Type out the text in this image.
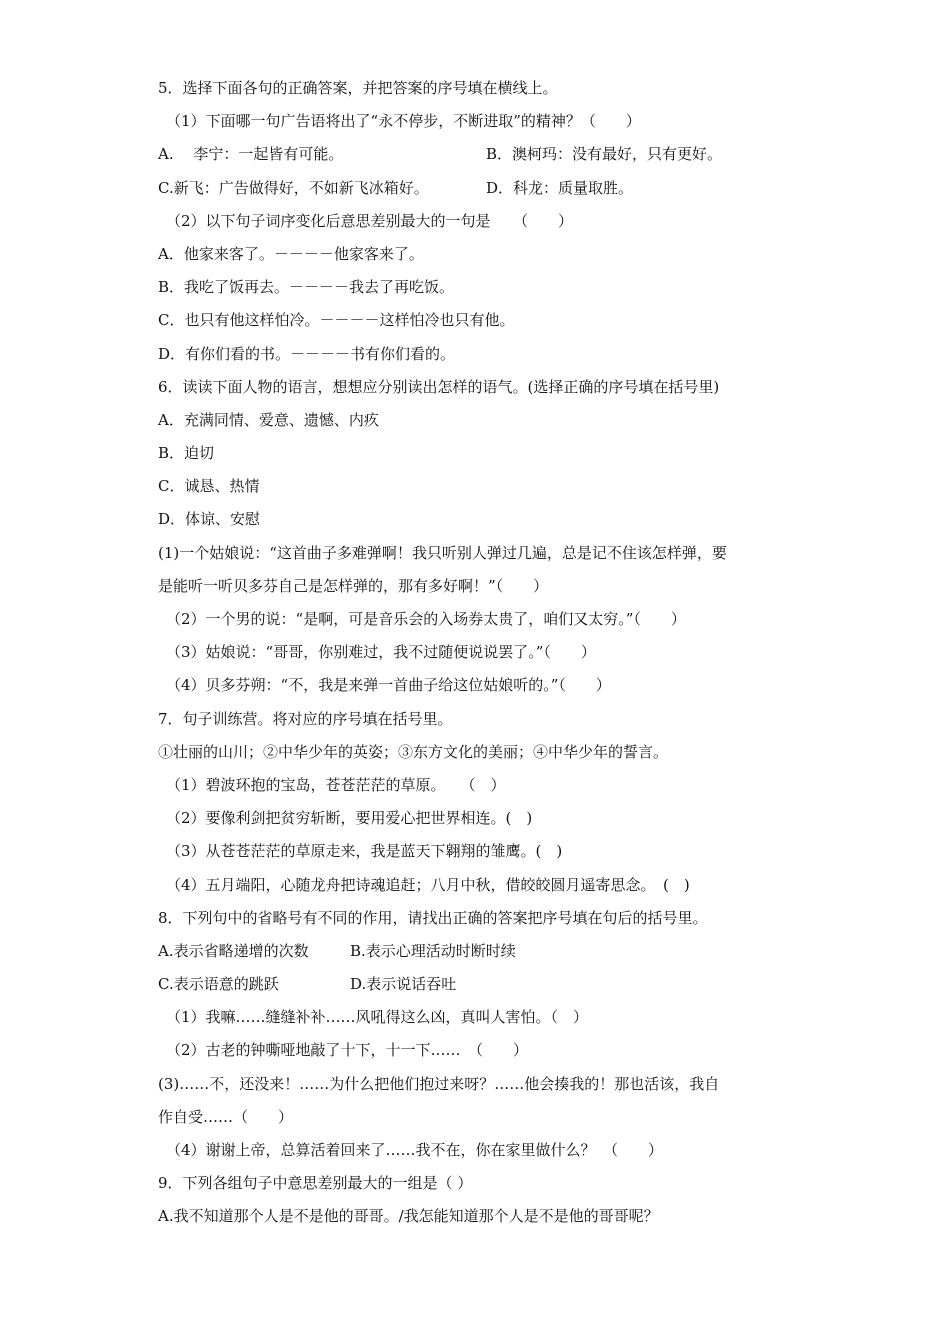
5．选择下面各句的正确答案，并把答案的序号填在横线上。
（1）下面哪一句广告语将出了“永不停步，不断进取”的精神？（　　）
A.　 李宁：一起皆有可能。	B．澳柯玛：没有最好，只有更好。
C.新飞：广告做得好，不如新飞冰箱好。	D．科龙：质量取胜。
（2）以下句子词序变化后意思差别最大的一句是　　（　　）
A．他家来客了。－－－－他家客来了。
B．我吃了饭再去。－－－－我去了再吃饭。
C．也只有他这样怕冷。－－－－这样怕冷也只有他。
D．有你们看的书。－－－－书有你们看的。
6．读读下面人物的语言，想想应分别读出怎样的语气。(选择正确的序号填在括号里)
A．充满同情、爱意、遗憾、内疚
B．迫切
C．诚恳、热情
D．体谅、安慰
(1)一个姑娘说：“这首曲子多难弹啊！我只听别人弹过几遍，总是记不住该怎样弹，要
是能听一听贝多芬自己是怎样弹的，那有多好啊！”（　　）
（2）一个男的说：“是啊，可是音乐会的入场券太贵了，咱们又太穷。”（　　）
（3）姑娘说：“哥哥，你别难过，我不过随便说说罢了。”（　　）
（4）贝多芬朔：“不，我是来弹一首曲子给这位姑娘听的。”（　　）
7．句子训练营。将对应的序号填在括号里。
①壮丽的山川；②中华少年的英姿；③东方文化的美丽；④中华少年的誓言。
（1）碧波环抱的宝岛，苍苍茫茫的草原。　　（　）
（2）要像利剑把贫穷斩断，要用爱心把世界相连。(　)
（3）从苍苍茫茫的草原走来，我是蓝天下翱翔的雏鹰。(　)
（4）五月端阳，心随龙舟把诗魂追赶；八月中秋，借皎皎圆月遥寄思念。　(　)
8．下列句中的省略号有不同的作用，请找出正确的答案把序号填在句后的括号里。
A.表示省略递增的次数	B.表示心理活动时断时续
C.表示语意的跳跃	D.表示说话吞吐
（1）我嘛……缝缝补补……风吼得这么凶，真叫人害怕。（　）
（2）古老的钟嘶哑地敲了十下，十一下……　（　　）
(3)……不，还没来！……为什么把他们抱过来呀？……他会揍我的！那也活该，我自
作自受……（　　）
（4）谢谢上帝，总算活着回来了……我不在，你在家里做什么？　（　　）
9．下列各组句子中意思差别最大的一组是（ ）
A.我不知道那个人是不是他的哥哥。/我怎能知道那个人是不是他的哥哥呢？
